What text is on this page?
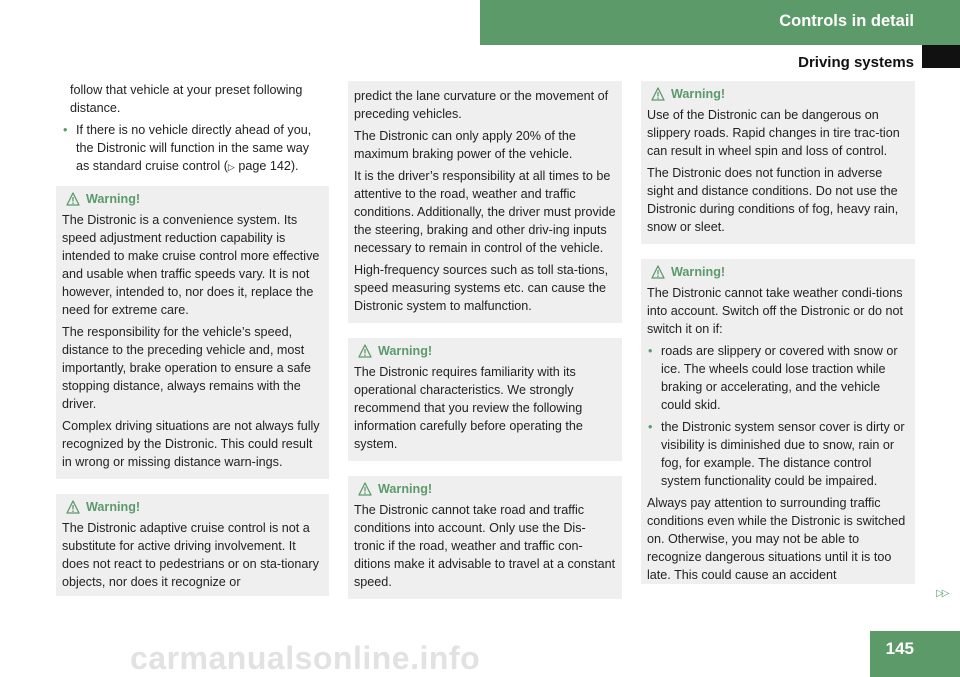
Controls in detail
Driving systems

follow that vehicle at your preset following distance.

• If there is no vehicle directly ahead of you, the Distronic will function in the same way as standard cruise control (▷ page 142).
Warning!

The Distronic is a convenience system. Its speed adjustment reduction capability is intended to make cruise control more effective and usable when traffic speeds vary. It is not however, intended to, nor does it, replace the need for extreme care.

The responsibility for the vehicle’s speed, distance to the preceding vehicle and, most importantly, brake operation to ensure a safe stopping distance, always remains with the driver.

Complex driving situations are not always fully recognized by the Distronic. This could result in wrong or missing distance warn-ings.

Warning!

The Distronic adaptive cruise control is not a substitute for active driving involvement. It does not react to pedestrians or on sta-tionary objects, nor does it recognize or

predict the lane curvature or the movement of preceding vehicles.

The Distronic can only apply 20% of the maximum braking power of the vehicle.

It is the driver’s responsibility at all times to be attentive to the road, weather and traffic conditions. Additionally, the driver must provide the steering, braking and other driv-ing inputs necessary to remain in control of the vehicle.

High-frequency sources such as toll sta-tions, speed measuring systems etc. can cause the Distronic system to malfunction.

Warning!

The Distronic requires familiarity with its operational characteristics. We strongly recommend that you review the following information carefully before operating the system.

Warning!

The Distronic cannot take road and traffic conditions into account. Only use the Dis-tronic if the road, weather and traffic con-ditions make it advisable to travel at a constant speed.

Warning!

Use of the Distronic can be dangerous on slippery roads. Rapid changes in tire trac-tion can result in wheel spin and loss of control.

The Distronic does not function in adverse sight and distance conditions. Do not use the Distronic during conditions of fog, heavy rain, snow or sleet.

Warning!

The Distronic cannot take weather condi-tions into account. Switch off the Distronic or do not switch it on if:

• roads are slippery or covered with snow or ice. The wheels could lose traction while braking or accelerating, and the vehicle could skid.
• the Distronic system sensor cover is dirty or visibility is diminished due to snow, rain or fog, for example. The distance control system functionality could be impaired.

Always pay attention to surrounding traffic conditions even while the Distronic is switched on. Otherwise, you may not be able to recognize dangerous situations until it is too late. This could cause an accident

▷▷
carmanualsonline.info	145
